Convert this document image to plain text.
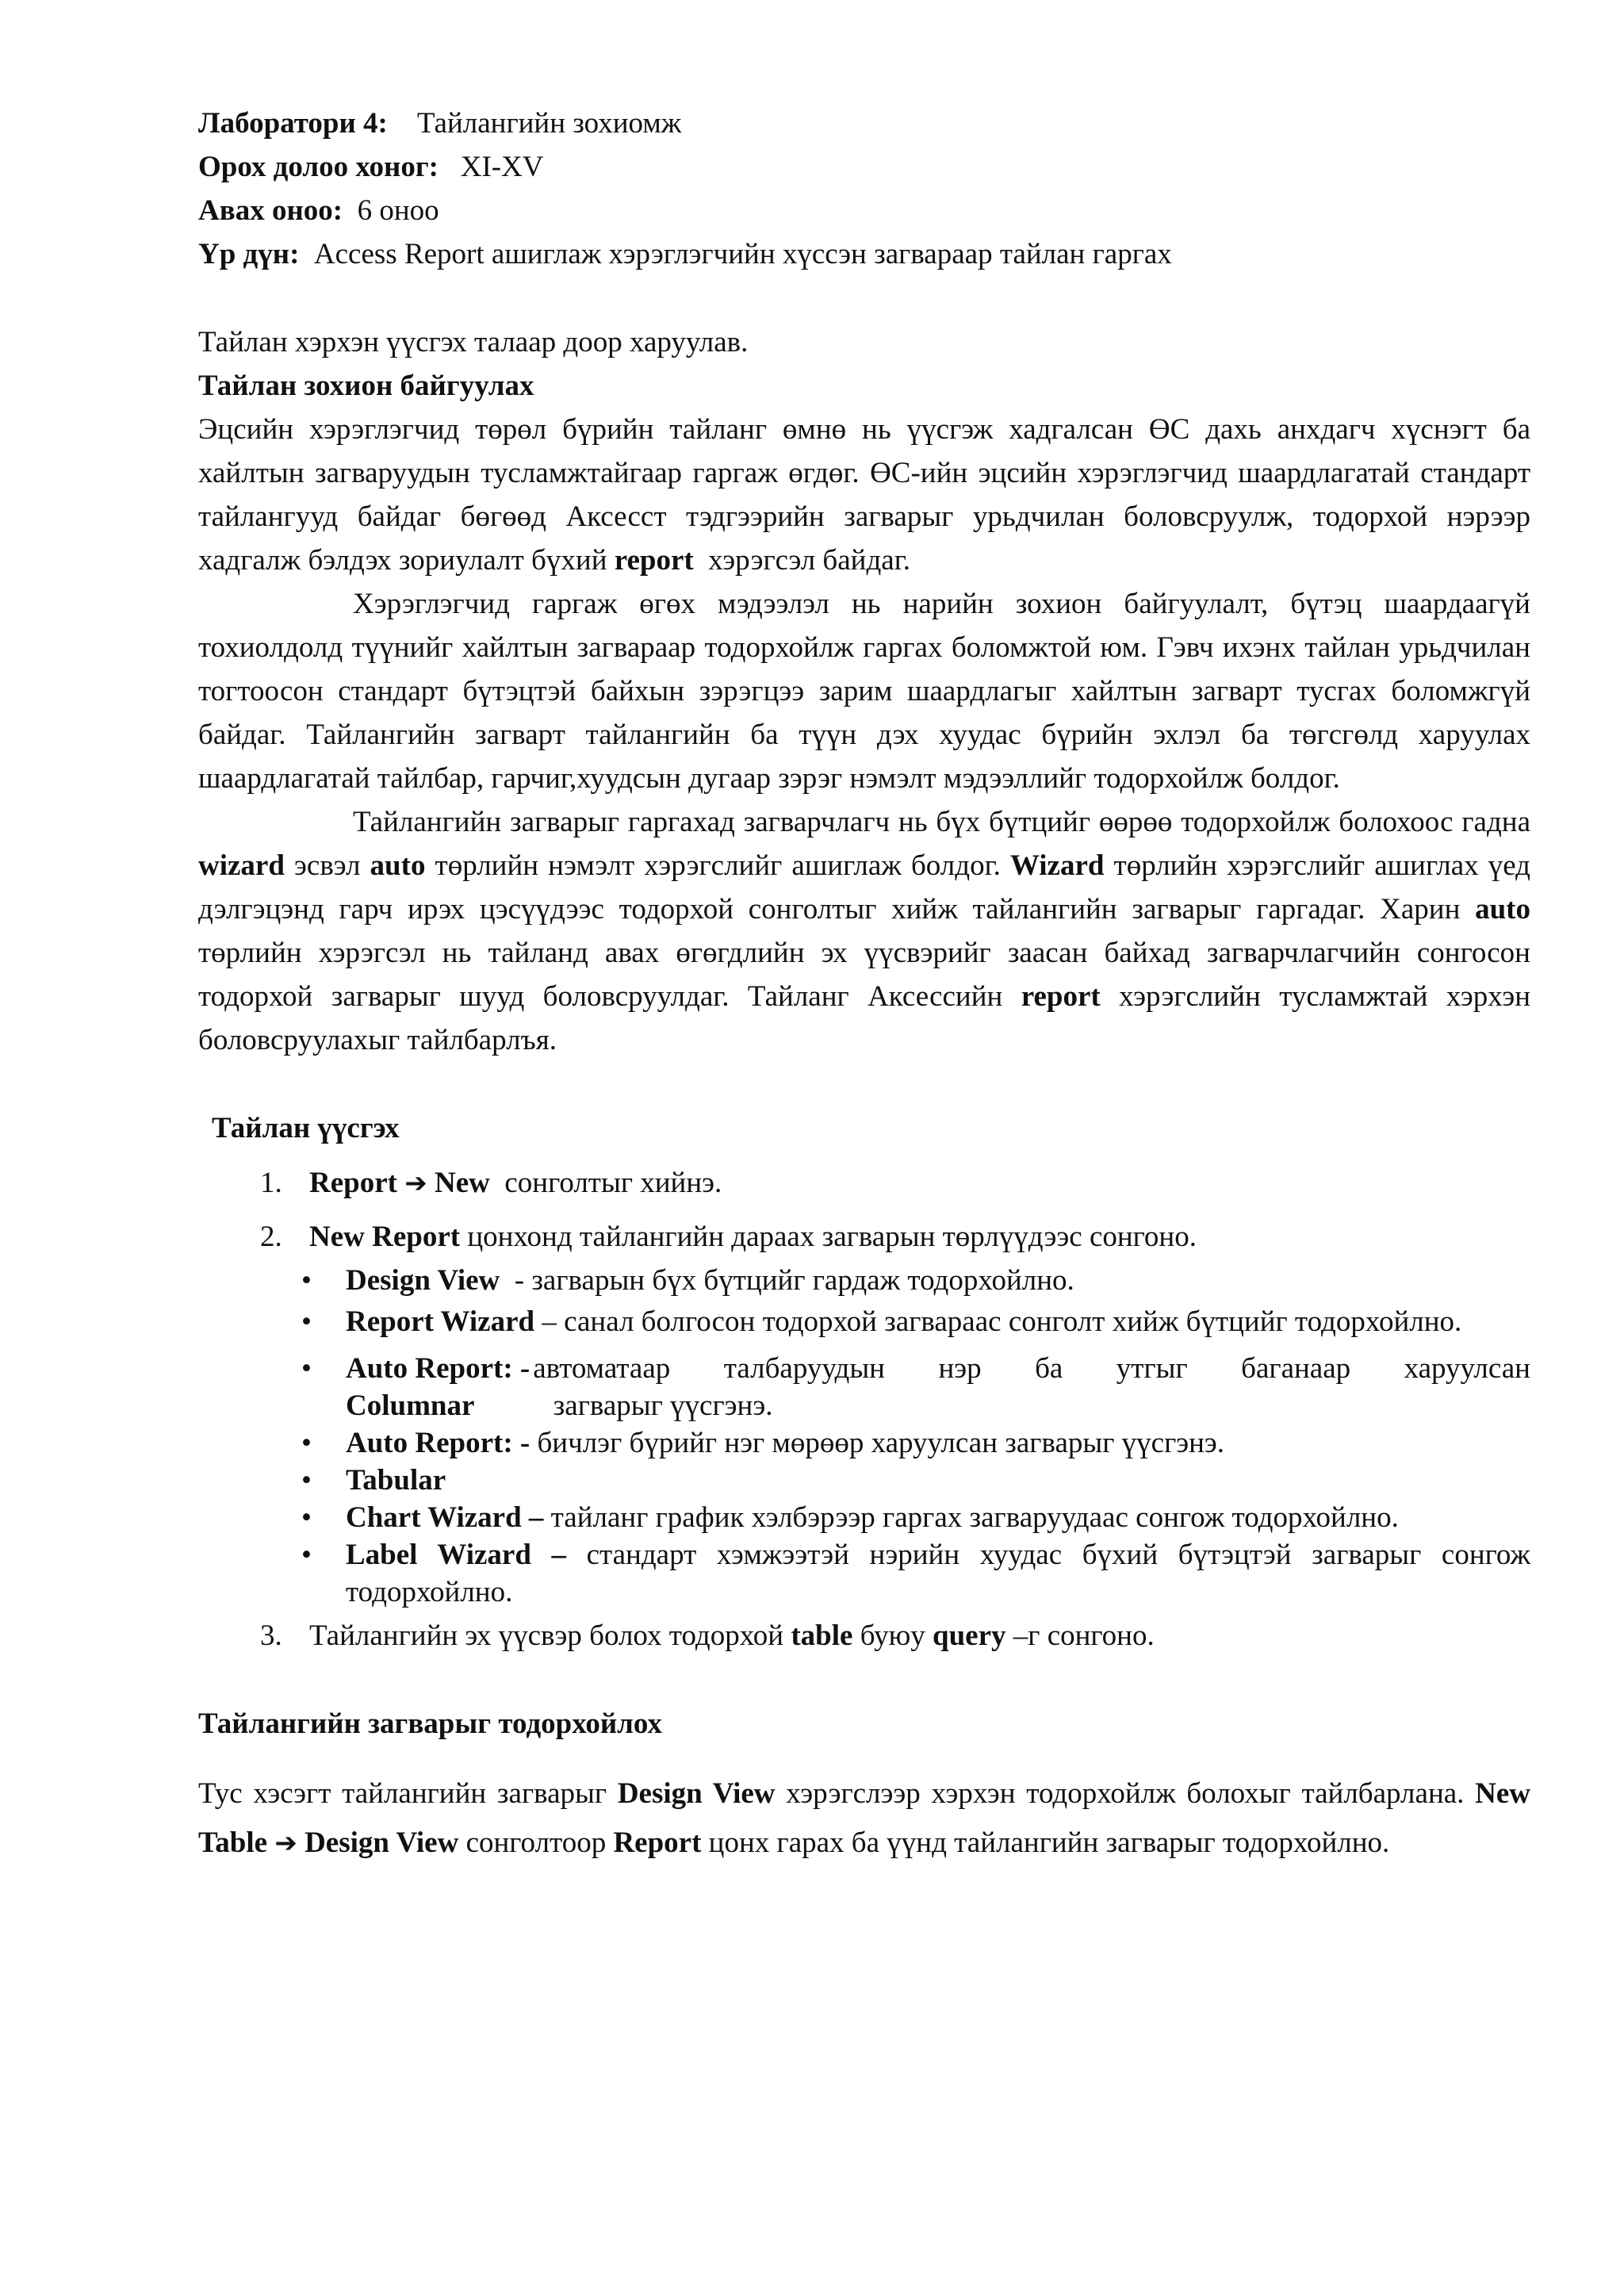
Лаборатори 4: Тайлангийн зохиомж
Орох долоо хоног: XI-XV
Авах оноо: 6 оноо
Үр дүн: Access Report ашиглаж хэрэглэгчийн хүссэн загвараар тайлан гаргах

Тайлан хэрхэн үүсгэх талаар доор харуулав.

Тайлан зохион байгуулах

Эцсийн хэрэглэгчид төрөл бүрийн тайланг өмнө нь үүсгэж хадгалсан ӨС дахь анхдагч хүснэгт ба хайлтын загваруудын тусламжтайгаар гаргаж өгдөг. ӨС-ийн эцсийн хэрэглэгчид шаардлагатай стандарт тайлангууд байдаг бөгөөд Аксесст тэдгээрийн загварыг урьдчилан боловсруулж, тодорхой нэрээр хадгалж бэлдэх зориулалт бүхий report хэрэгсэл байдаг.

Хэрэглэгчид гаргаж өгөх мэдээлэл нь нарийн зохион байгуулалт, бүтэц шаардаагүй тохиолдолд түүнийг хайлтын загвараар тодорхойлж гаргах боломжтой юм. Гэвч ихэнх тайлан урьдчилан тогтоосон стандарт бүтэцтэй байхын зэрэгцээ зарим шаардлагыг хайлтын загварт тусгах боломжгүй байдаг. Тайлангийн загварт тайлангийн ба түүн дэх хуудас бүрийн эхлэл ба төгсгөлд харуулах шаардлагатай тайлбар, гарчиг,хуудсын дугаар зэрэг нэмэлт мэдээллийг тодорхойлж болдог.

Тайлангийн загварыг гаргахад загварчлагч нь бүх бүтцийг өөрөө тодорхойлж болохоос гадна wizard эсвэл auto төрлийн нэмэлт хэрэгслийг ашиглаж болдог. Wizard төрлийн хэрэгслийг ашиглах үед дэлгэцэнд гарч ирэх цэсүүдээс тодорхой сонголтыг хийж тайлангийн загварыг гаргадаг. Харин auto төрлийн хэрэгсэл нь тайланд авах өгөгдлийн эх үүсвэрийг заасан байхад загварчлагчийн сонгосон тодорхой загварыг шууд боловсруулдаг. Тайланг Аксессийн report хэрэгслийн тусламжтай хэрхэн боловсруулахыг тайлбарлъя.

Тайлан үүсгэх

1. Report ➔ New сонголтыг хийнэ.
2. New Report цонхонд тайлангийн дараах загварын төрлүүдээс сонгоно.
• Design View - загварын бүх бүтцийг гардаж тодорхойлно.
• Report Wizard – санал болгосон тодорхой загвараас сонголт хийж бүтцийг тодорхойлно.
• Auto Report: - автоматаар талбаруудын нэр ба утгыг баганаар харуулсан
Columnar	загварыг үүсгэнэ.
• Auto Report: - бичлэг бүрийг нэг мөрөөр харуулсан загварыг үүсгэнэ.
• Tabular
• Chart Wizard – тайланг график хэлбэрээр гаргах загваруудаас сонгож тодорхойлно.
• Label Wizard – стандарт хэмжээтэй нэрийн хуудас бүхий бүтэцтэй загварыг сонгож тодорхойлно.
3. Тайлангийн эх үүсвэр болох тодорхой table буюу query –г сонгоно.

Тайлангийн загварыг тодорхойлох

Тус хэсэгт тайлангийн загварыг Design View хэрэгслээр хэрхэн тодорхойлж болохыг тайлбарлана. New Table ➔ Design View сонголтоор Report цонх гарах ба үүнд тайлангийн загварыг тодорхойлно.
